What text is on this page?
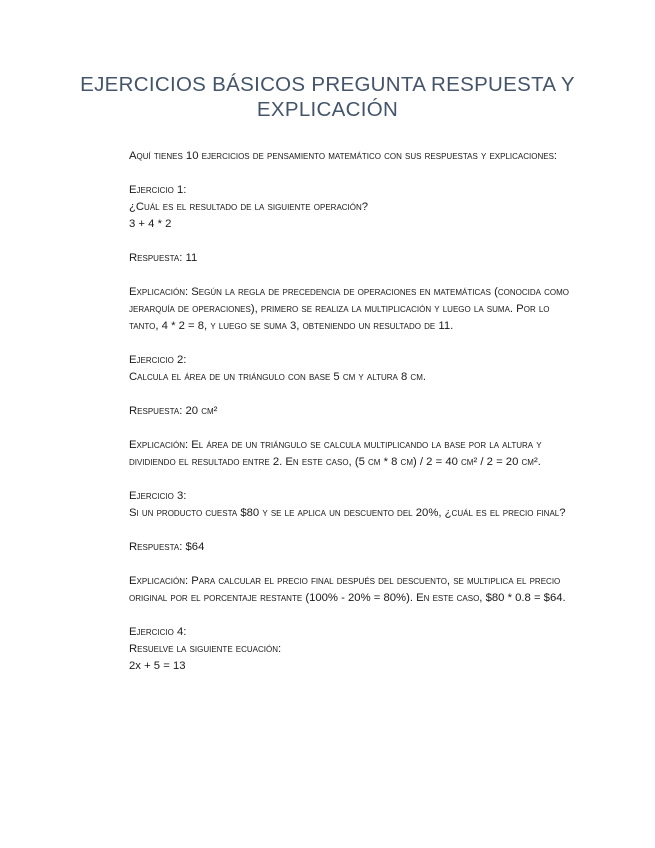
EJERCICIOS BÁSICOS PREGUNTA RESPUESTA Y EXPLICACIÓN

Aquí tienes 10 ejercicios de pensamiento matemático con sus respuestas y explicaciones:

Ejercicio 1:
¿Cuál es el resultado de la siguiente operación?
3 + 4 * 2

Respuesta: 11

Explicación: Según la regla de precedencia de operaciones en matemáticas (conocida como jerarquía de operaciones), primero se realiza la multiplicación y luego la suma. Por lo tanto, 4 * 2 = 8, y luego se suma 3, obteniendo un resultado de 11.

Ejercicio 2:
Calcula el área de un triángulo con base 5 cm y altura 8 cm.

Respuesta: 20 cm²

Explicación: El área de un triángulo se calcula multiplicando la base por la altura y dividiendo el resultado entre 2. En este caso, (5 cm * 8 cm) / 2 = 40 cm² / 2 = 20 cm².

Ejercicio 3:
Si un producto cuesta $80 y se le aplica un descuento del 20%, ¿cuál es el precio final?

Respuesta: $64

Explicación: Para calcular el precio final después del descuento, se multiplica el precio original por el porcentaje restante (100% - 20% = 80%). En este caso, $80 * 0.8 = $64.

Ejercicio 4:
Resuelve la siguiente ecuación:
2x + 5 = 13
